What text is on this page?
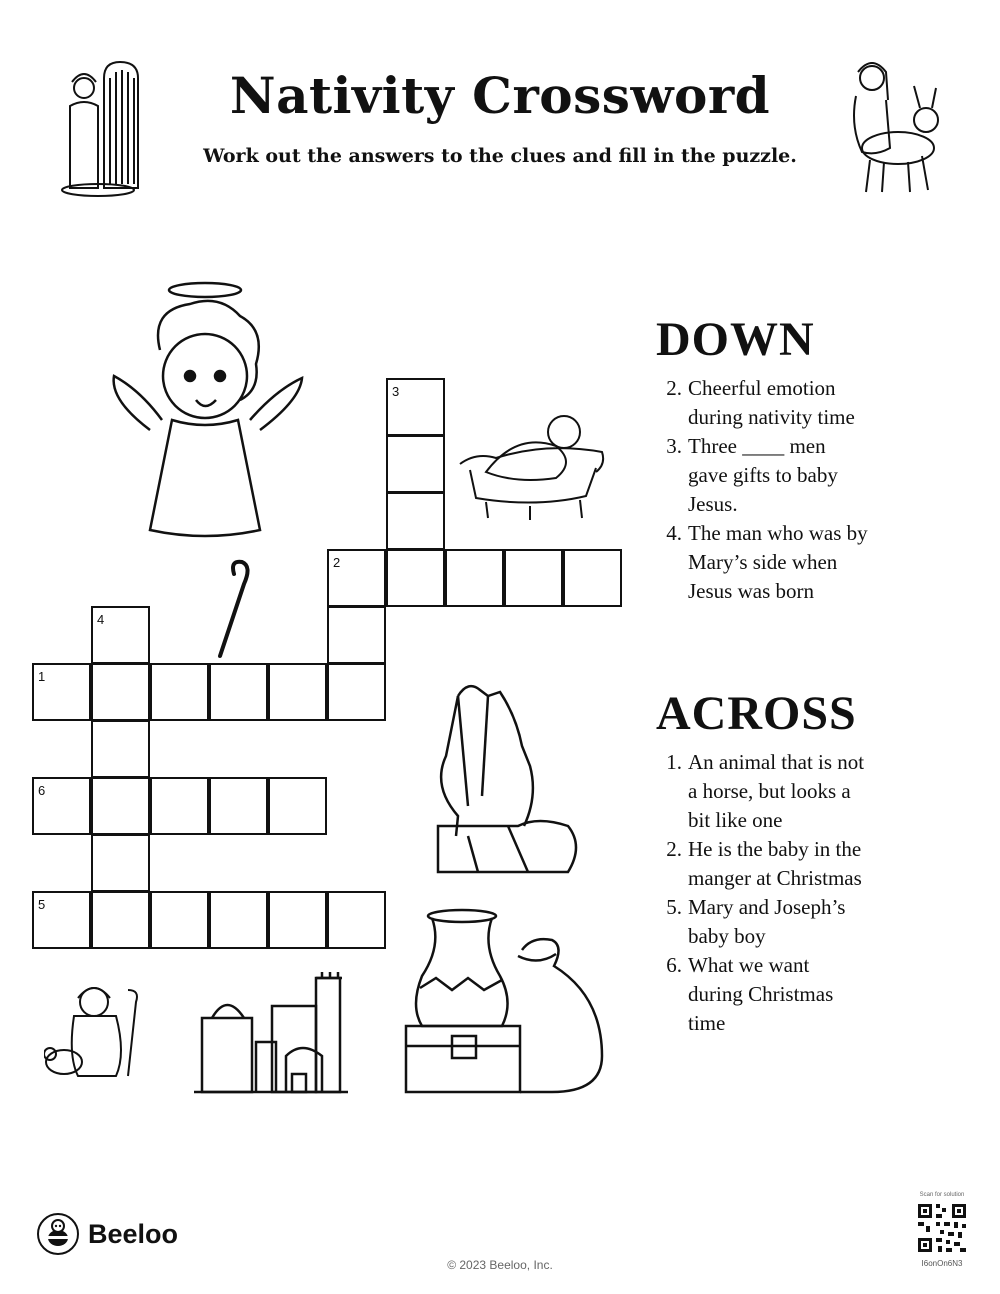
Nativity Crossword
Work out the answers to the clues and fill in the puzzle.
3
2
4
1
6
5
DOWN
2. Cheerful emotion during nativity time
3. Three ____ men gave gifts to baby Jesus.
4. The man who was by Mary’s side when Jesus was born
ACROSS
1. An animal that is not a horse, but looks a bit like one
2. He is the baby in the manger at Christmas
5. Mary and Joseph’s baby boy
6. What we want during Christmas time
Beeloo
© 2023 Beeloo, Inc.
Scan for solution
I6onOn6N3
